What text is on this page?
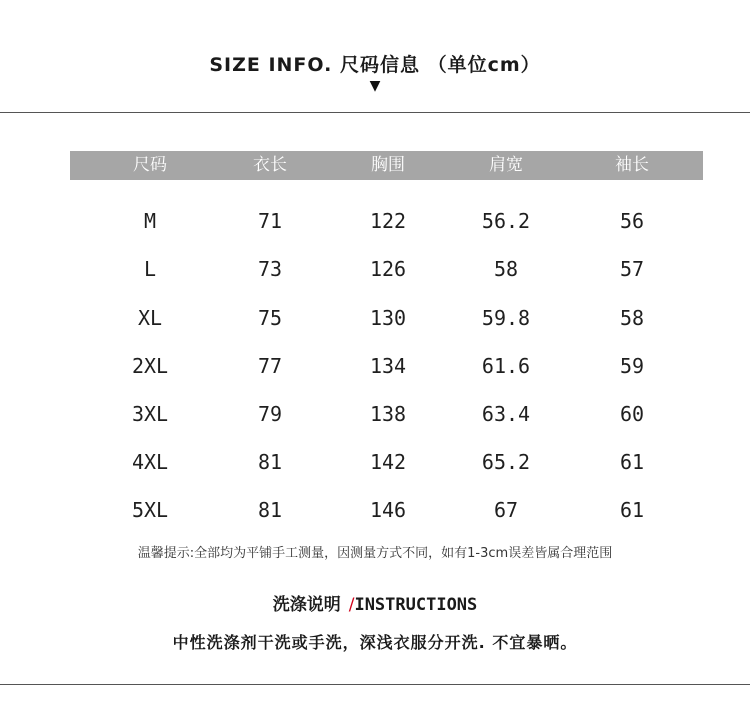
SIZE INFO. 尺码信息 （单位cm）
▼
尺码	衣长	胸围	肩宽	袖长
M	71	122	56.2	56
L	73	126	58	57
XL	75	130	59.8	58
2XL	77	134	61.6	59
3XL	79	138	63.4	60
4XL	81	142	65.2	61
5XL	81	146	67	61
温馨提示:全部均为平铺手工测量，因测量方式不同，如有1-3cm误差皆属合理范围
洗涤说明 /INSTRUCTIONS
中性洗涤剂干洗或手洗，深浅衣服分开洗. 不宜暴晒。
